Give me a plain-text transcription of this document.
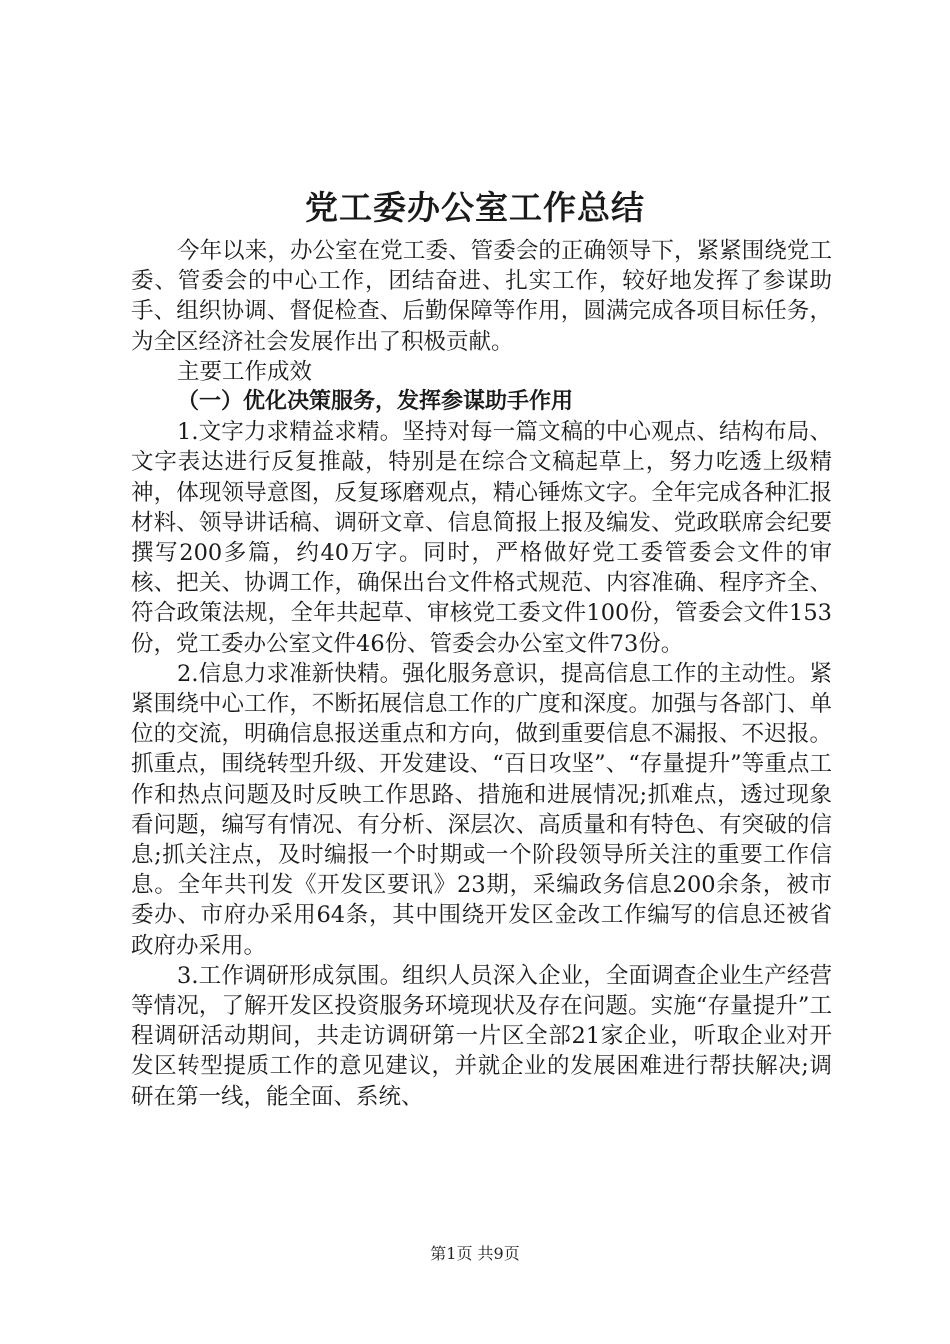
党工委办公室工作总结

今年以来，办公室在党工委、管委会的正确领导下，紧紧围绕党工委、管委会的中心工作，团结奋进、扎实工作，较好地发挥了参谋助手、组织协调、督促检查、后勤保障等作用，圆满完成各项目标任务，为全区经济社会发展作出了积极贡献。

主要工作成效

（一）优化决策服务，发挥参谋助手作用

1.文字力求精益求精。坚持对每一篇文稿的中心观点、结构布局、文字表达进行反复推敲，特别是在综合文稿起草上，努力吃透上级精神，体现领导意图，反复琢磨观点，精心锤炼文字。全年完成各种汇报材料、领导讲话稿、调研文章、信息简报上报及编发、党政联席会纪要撰写200多篇，约40万字。同时，严格做好党工委管委会文件的审核、把关、协调工作，确保出台文件格式规范、内容准确、程序齐全、符合政策法规，全年共起草、审核党工委文件100份，管委会文件153份，党工委办公室文件46份、管委会办公室文件73份。

2.信息力求准新快精。强化服务意识，提高信息工作的主动性。紧紧围绕中心工作，不断拓展信息工作的广度和深度。加强与各部门、单位的交流，明确信息报送重点和方向，做到重要信息不漏报、不迟报。抓重点，围绕转型升级、开发建设、“百日攻坚”、“存量提升”等重点工作和热点问题及时反映工作思路、措施和进展情况;抓难点，透过现象看问题，编写有情况、有分析、深层次、高质量和有特色、有突破的信息;抓关注点，及时编报一个时期或一个阶段领导所关注的重要工作信息。全年共刊发《开发区要讯》23期，采编政务信息200余条，被市委办、市府办采用64条，其中围绕开发区金改工作编写的信息还被省政府办采用。

3.工作调研形成氛围。组织人员深入企业，全面调查企业生产经营等情况，了解开发区投资服务环境现状及存在问题。实施“存量提升”工程调研活动期间，共走访调研第一片区全部21家企业，听取企业对开发区转型提质工作的意见建议，并就企业的发展困难进行帮扶解决;调研在第一线，能全面、系统、

第1页 共9页
